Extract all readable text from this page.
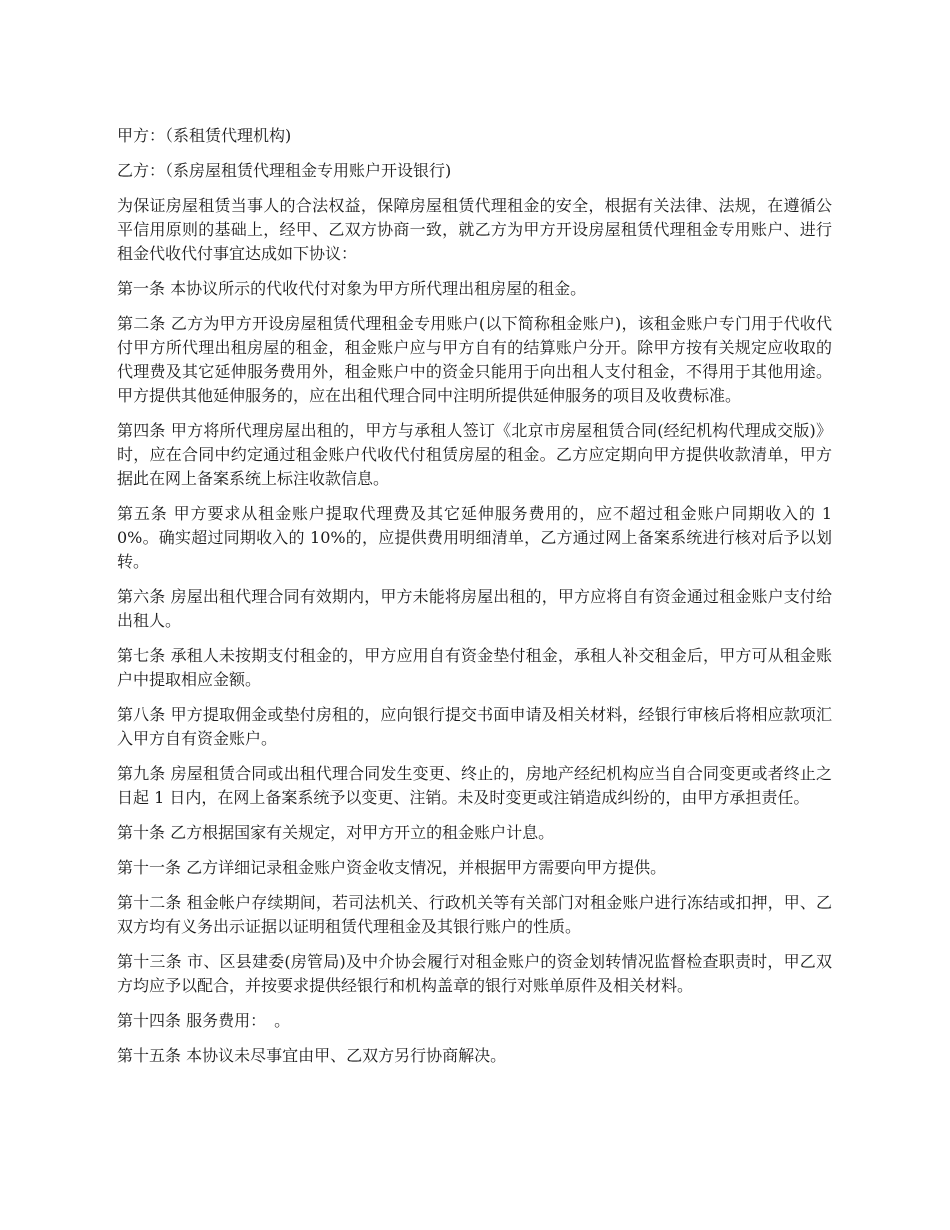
甲方：（系租赁代理机构)

乙方：（系房屋租赁代理租金专用账户开设银行)

为保证房屋租赁当事人的合法权益，保障房屋租赁代理租金的安全，根据有关法律、法规，在遵循公平信用原则的基础上，经甲、乙双方协商一致，就乙方为甲方开设房屋租赁代理租金专用账户、进行租金代收代付事宜达成如下协议：

第一条 本协议所示的代收代付对象为甲方所代理出租房屋的租金。

第二条 乙方为甲方开设房屋租赁代理租金专用账户(以下简称租金账户)，该租金账户专门用于代收代付甲方所代理出租房屋的租金，租金账户应与甲方自有的结算账户分开。除甲方按有关规定应收取的代理费及其它延伸服务费用外，租金账户中的资金只能用于向出租人支付租金，不得用于其他用途。甲方提供其他延伸服务的，应在出租代理合同中注明所提供延伸服务的项目及收费标准。

第四条 甲方将所代理房屋出租的，甲方与承租人签订《北京市房屋租赁合同(经纪机构代理成交版)》时，应在合同中约定通过租金账户代收代付租赁房屋的租金。乙方应定期向甲方提供收款清单，甲方据此在网上备案系统上标注收款信息。

第五条 甲方要求从租金账户提取代理费及其它延伸服务费用的，应不超过租金账户同期收入的 10%。确实超过同期收入的 10%的，应提供费用明细清单，乙方通过网上备案系统进行核对后予以划转。

第六条 房屋出租代理合同有效期内，甲方未能将房屋出租的，甲方应将自有资金通过租金账户支付给出租人。

第七条 承租人未按期支付租金的，甲方应用自有资金垫付租金，承租人补交租金后，甲方可从租金账户中提取相应金额。

第八条 甲方提取佣金或垫付房租的，应向银行提交书面申请及相关材料，经银行审核后将相应款项汇入甲方自有资金账户。

第九条 房屋租赁合同或出租代理合同发生变更、终止的，房地产经纪机构应当自合同变更或者终止之日起 1 日内，在网上备案系统予以变更、注销。未及时变更或注销造成纠纷的，由甲方承担责任。

第十条 乙方根据国家有关规定，对甲方开立的租金账户计息。

第十一条 乙方详细记录租金账户资金收支情况，并根据甲方需要向甲方提供。

第十二条 租金帐户存续期间，若司法机关、行政机关等有关部门对租金账户进行冻结或扣押，甲、乙双方均有义务出示证据以证明租赁代理租金及其银行账户的性质。

第十三条 市、区县建委(房管局)及中介协会履行对租金账户的资金划转情况监督检查职责时，甲乙双方均应予以配合，并按要求提供经银行和机构盖章的银行对账单原件及相关材料。

第十四条 服务费用：　。

第十五条 本协议未尽事宜由甲、乙双方另行协商解决。
